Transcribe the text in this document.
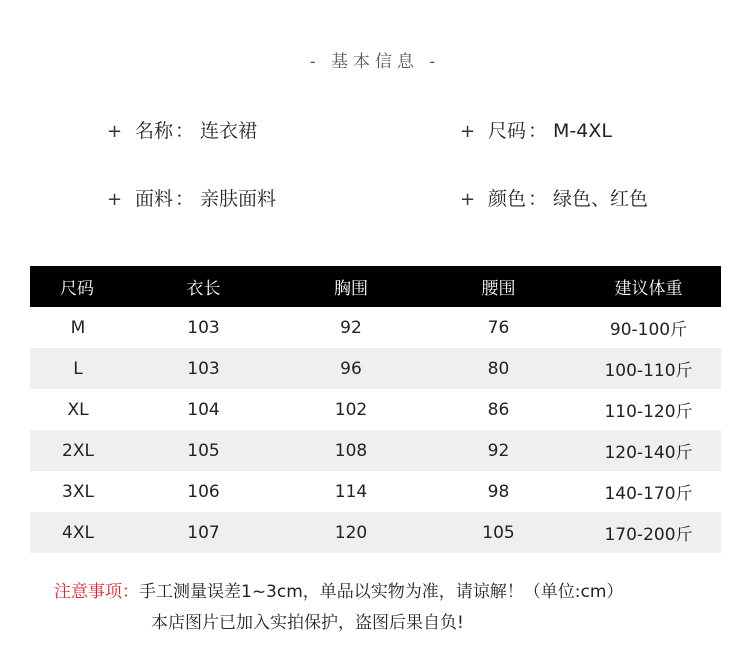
- 基本信息 -
+ 名称 ： 连衣裙	+ 尺码 ： M-4XL
+ 面料 ： 亲肤面料	+ 颜色 ： 绿色、红色
尺码	衣长	胸围	腰围	建议体重
M	103	92	76	90-100斤
L	103	96	80	100-110斤
XL	104	102	86	110-120斤
2XL	105	108	92	120-140斤
3XL	106	114	98	140-170斤
4XL	107	120	105	170-200斤
注意事项：手工测量误差1~3cm，单品以实物为准，请谅解！（单位:cm）
本店图片已加入实拍保护，盗图后果自负!
